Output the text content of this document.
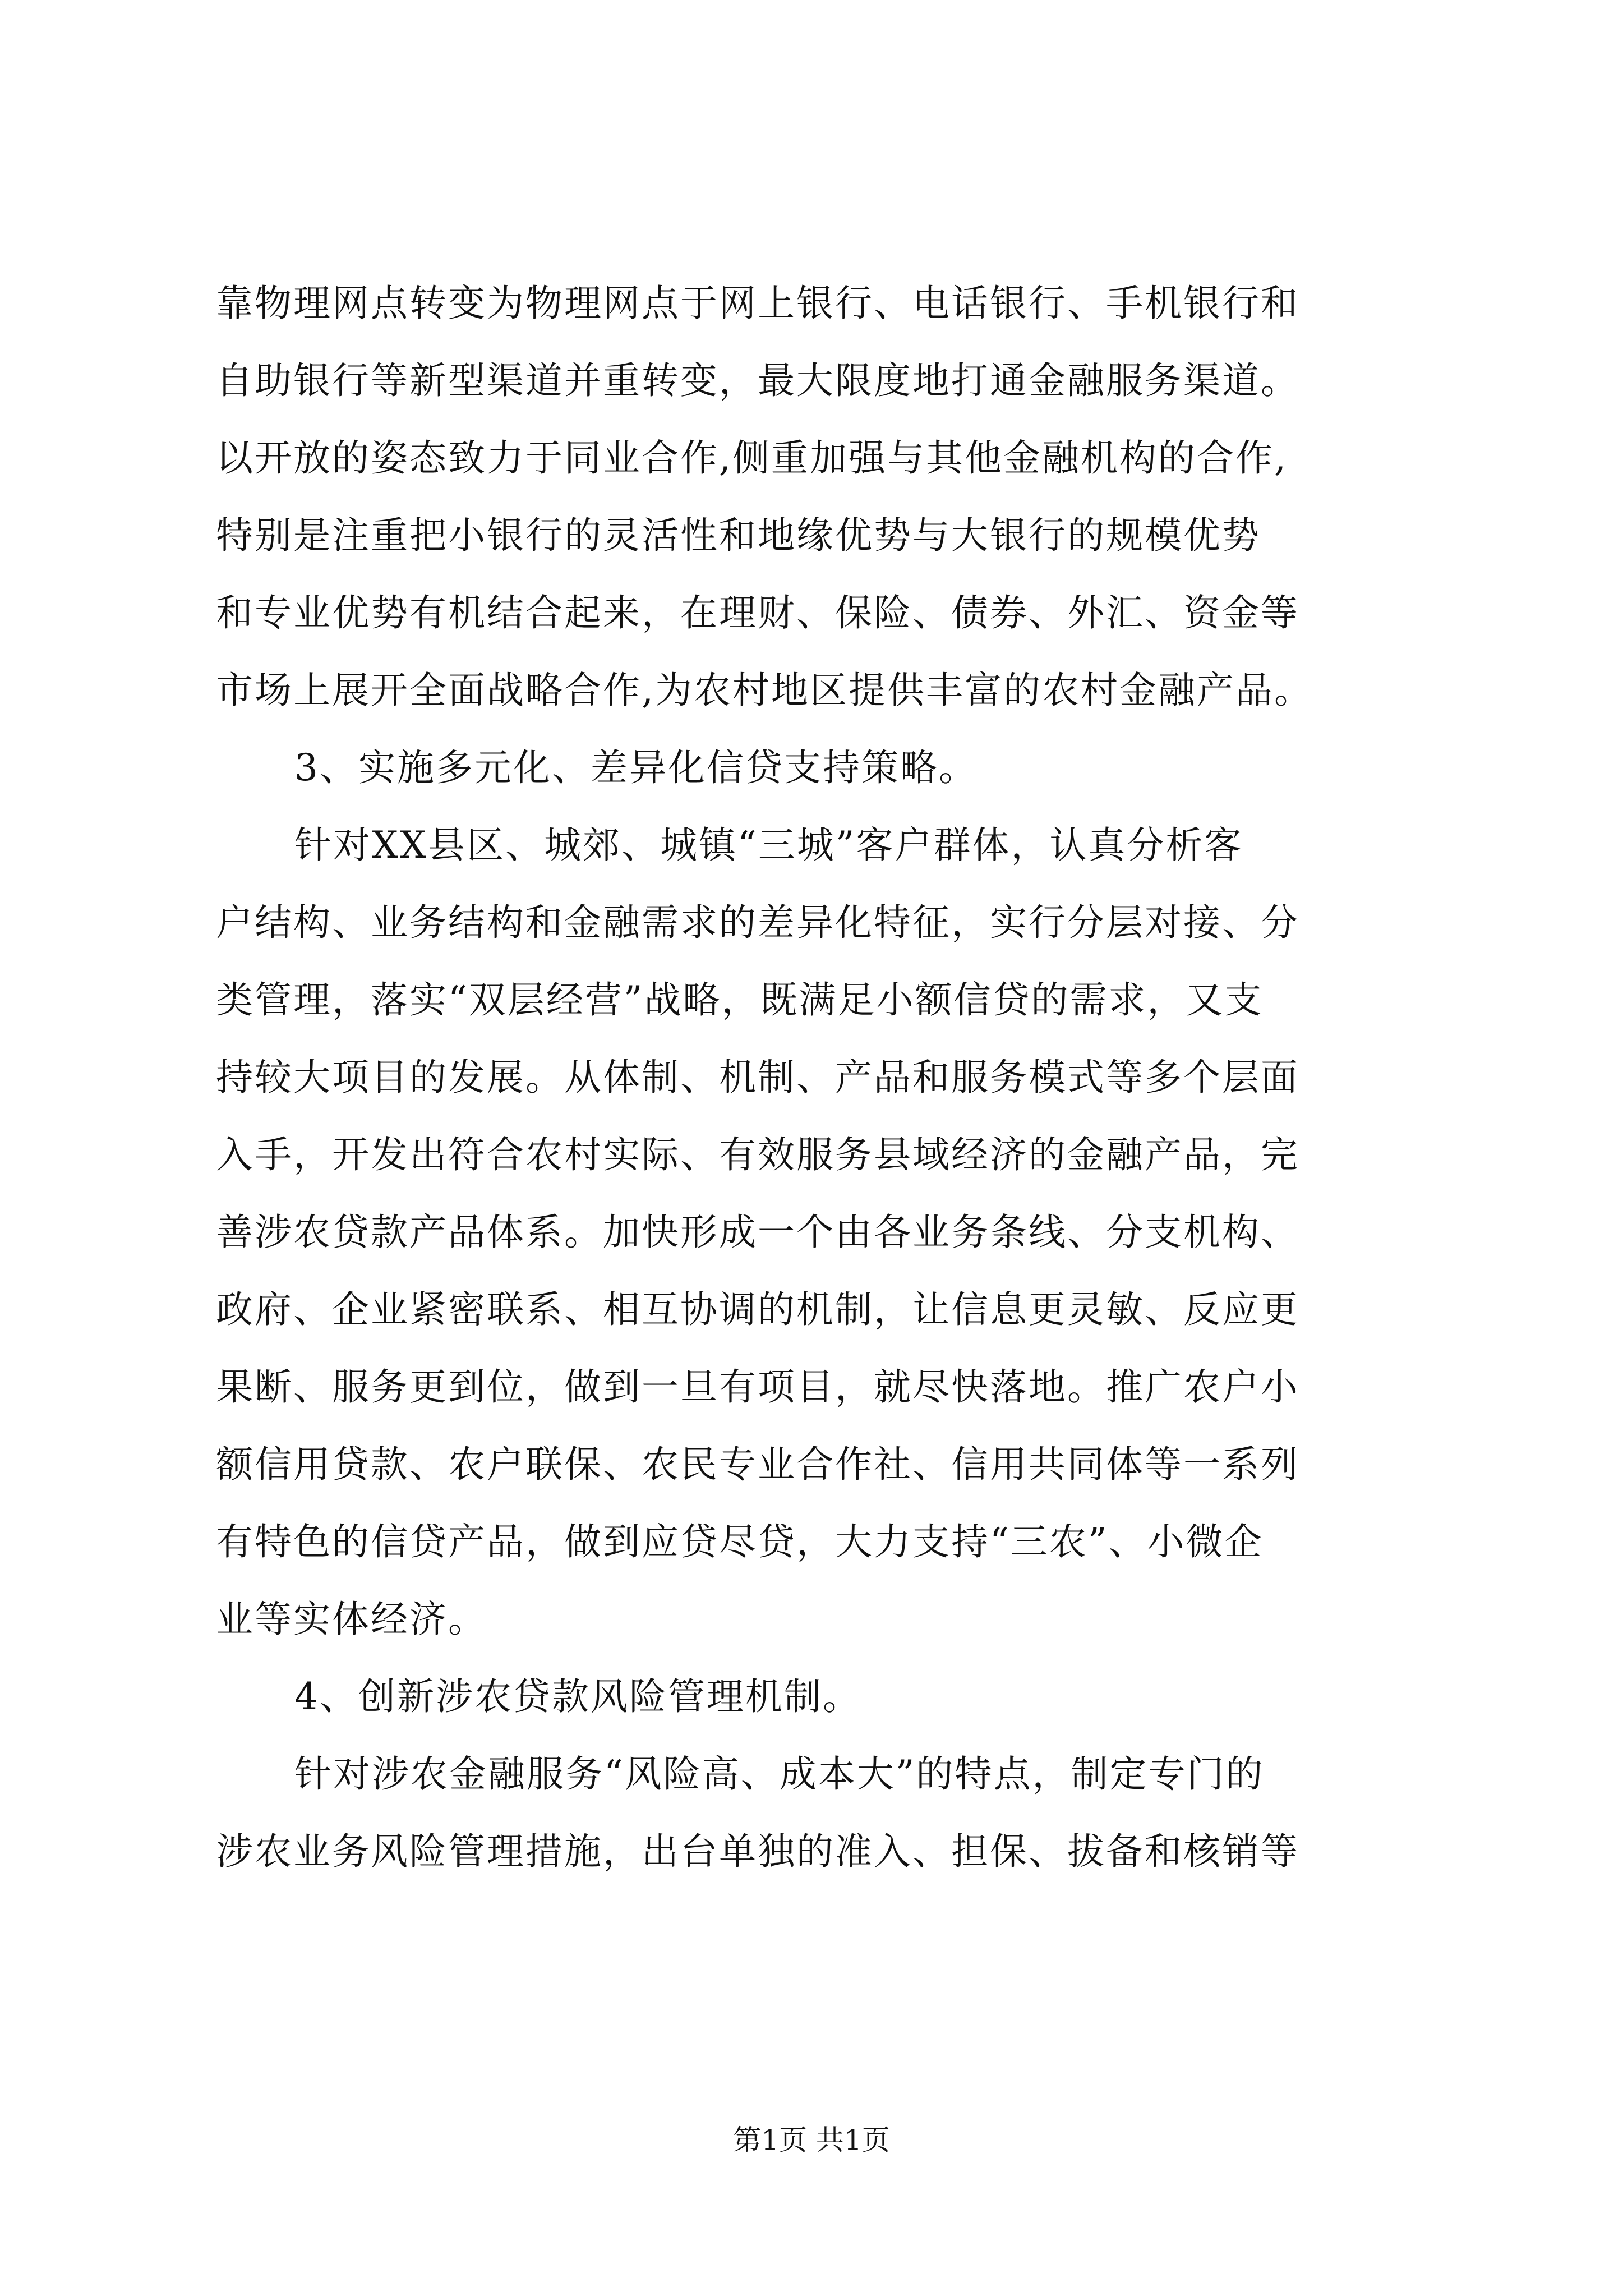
靠物理网点转变为物理网点于网上银行、电话银行、手机银行和
自助银行等新型渠道并重转变，最大限度地打通金融服务渠道。
以开放的姿态致力于同业合作,侧重加强与其他金融机构的合作,
特别是注重把小银行的灵活性和地缘优势与大银行的规模优势
和专业优势有机结合起来，在理财、保险、债券、外汇、资金等
市场上展开全面战略合作,为农村地区提供丰富的农村金融产品。
3、实施多元化、差异化信贷支持策略。
针对XX县区、城郊、城镇“三城”客户群体，认真分析客
户结构、业务结构和金融需求的差异化特征，实行分层对接、分
类管理，落实“双层经营”战略，既满足小额信贷的需求，又支
持较大项目的发展。从体制、机制、产品和服务模式等多个层面
入手，开发出符合农村实际、有效服务县域经济的金融产品，完
善涉农贷款产品体系。加快形成一个由各业务条线、分支机构、
政府、企业紧密联系、相互协调的机制，让信息更灵敏、反应更
果断、服务更到位，做到一旦有项目，就尽快落地。推广农户小
额信用贷款、农户联保、农民专业合作社、信用共同体等一系列
有特色的信贷产品，做到应贷尽贷，大力支持“三农”、小微企
业等实体经济。
4、创新涉农贷款风险管理机制。
针对涉农金融服务“风险高、成本大”的特点，制定专门的
涉农业务风险管理措施，出台单独的准入、担保、拔备和核销等
第1页 共1页
